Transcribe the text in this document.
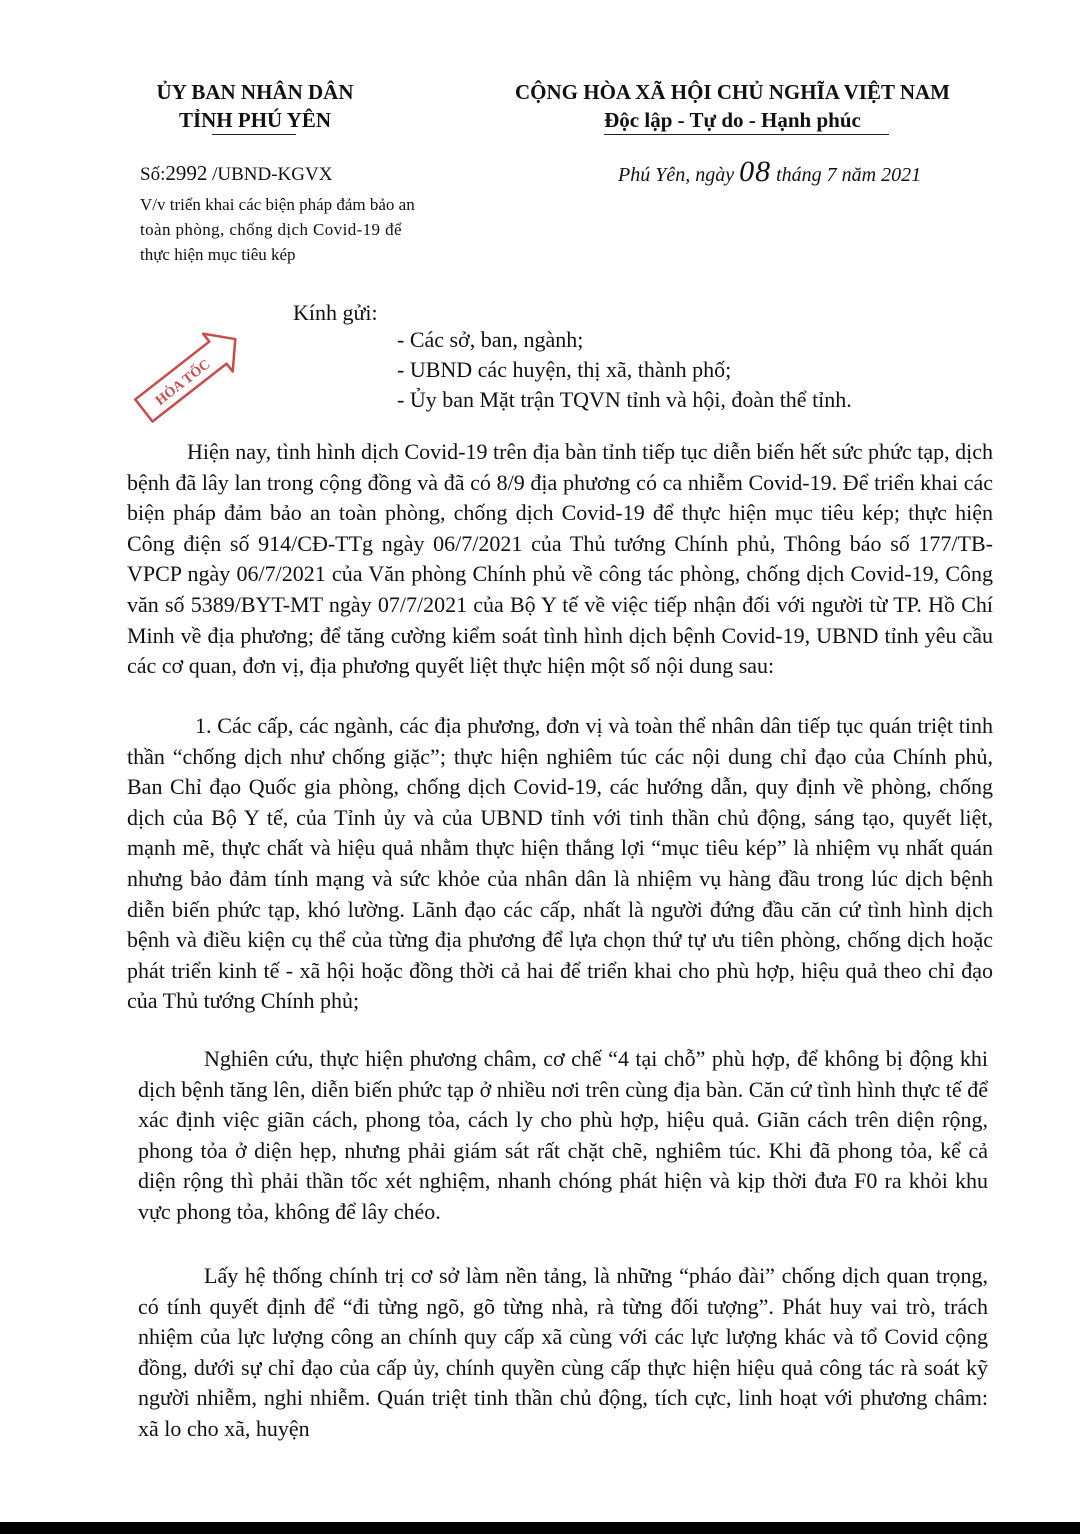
ỦY BAN NHÂN DÂN
TỈNH PHÚ YÊN
CỘNG HÒA XÃ HỘI CHỦ NGHĨA VIỆT NAM
Độc lập - Tự do - Hạnh phúc
Số:2992 /UBND-KGVX	Phú Yên, ngày 08 tháng 7 năm 2021
V/v triển khai các biện pháp đảm bảo an
toàn phòng, chống dịch Covid-19 để
thực hiện mục tiêu kép
HỎA TỐC
Kính gửi:
- Các sở, ban, ngành;
- UBND các huyện, thị xã, thành phố;
- Ủy ban Mặt trận TQVN tỉnh và hội, đoàn thể tỉnh.

Hiện nay, tình hình dịch Covid-19 trên địa bàn tỉnh tiếp tục diễn biến hết sức phức tạp, dịch bệnh đã lây lan trong cộng đồng và đã có 8/9 địa phương có ca nhiễm Covid-19. Để triển khai các biện pháp đảm bảo an toàn phòng, chống dịch Covid-19 để thực hiện mục tiêu kép; thực hiện Công điện số 914/CĐ-TTg ngày 06/7/2021 của Thủ tướng Chính phủ, Thông báo số 177/TB-VPCP ngày 06/7/2021 của Văn phòng Chính phủ về công tác phòng, chống dịch Covid-19, Công văn số 5389/BYT-MT ngày 07/7/2021 của Bộ Y tế về việc tiếp nhận đối với người từ TP. Hồ Chí Minh về địa phương; để tăng cường kiểm soát tình hình dịch bệnh Covid-19, UBND tỉnh yêu cầu các cơ quan, đơn vị, địa phương quyết liệt thực hiện một số nội dung sau:

1. Các cấp, các ngành, các địa phương, đơn vị và toàn thể nhân dân tiếp tục quán triệt tinh thần “chống dịch như chống giặc”; thực hiện nghiêm túc các nội dung chỉ đạo của Chính phủ, Ban Chỉ đạo Quốc gia phòng, chống dịch Covid-19, các hướng dẫn, quy định về phòng, chống dịch của Bộ Y tế, của Tỉnh ủy và của UBND tỉnh với tinh thần chủ động, sáng tạo, quyết liệt, mạnh mẽ, thực chất và hiệu quả nhằm thực hiện thắng lợi “mục tiêu kép” là nhiệm vụ nhất quán nhưng bảo đảm tính mạng và sức khỏe của nhân dân là nhiệm vụ hàng đầu trong lúc dịch bệnh diễn biến phức tạp, khó lường. Lãnh đạo các cấp, nhất là người đứng đầu căn cứ tình hình dịch bệnh và điều kiện cụ thể của từng địa phương để lựa chọn thứ tự ưu tiên phòng, chống dịch hoặc phát triển kinh tế - xã hội hoặc đồng thời cả hai để triển khai cho phù hợp, hiệu quả theo chỉ đạo của Thủ tướng Chính phủ;

Nghiên cứu, thực hiện phương châm, cơ chế “4 tại chỗ” phù hợp, để không bị động khi dịch bệnh tăng lên, diễn biến phức tạp ở nhiều nơi trên cùng địa bàn. Căn cứ tình hình thực tế để xác định việc giãn cách, phong tỏa, cách ly cho phù hợp, hiệu quả. Giãn cách trên diện rộng, phong tỏa ở diện hẹp, nhưng phải giám sát rất chặt chẽ, nghiêm túc. Khi đã phong tỏa, kể cả diện rộng thì phải thần tốc xét nghiệm, nhanh chóng phát hiện và kịp thời đưa F0 ra khỏi khu vực phong tỏa, không để lây chéo.

Lấy hệ thống chính trị cơ sở làm nền tảng, là những “pháo đài” chống dịch quan trọng, có tính quyết định để “đi từng ngõ, gõ từng nhà, rà từng đối tượng”. Phát huy vai trò, trách nhiệm của lực lượng công an chính quy cấp xã cùng với các lực lượng khác và tổ Covid cộng đồng, dưới sự chỉ đạo của cấp ủy, chính quyền cùng cấp thực hiện hiệu quả công tác rà soát kỹ người nhiễm, nghi nhiễm. Quán triệt tinh thần chủ động, tích cực, linh hoạt với phương châm: xã lo cho xã, huyện
